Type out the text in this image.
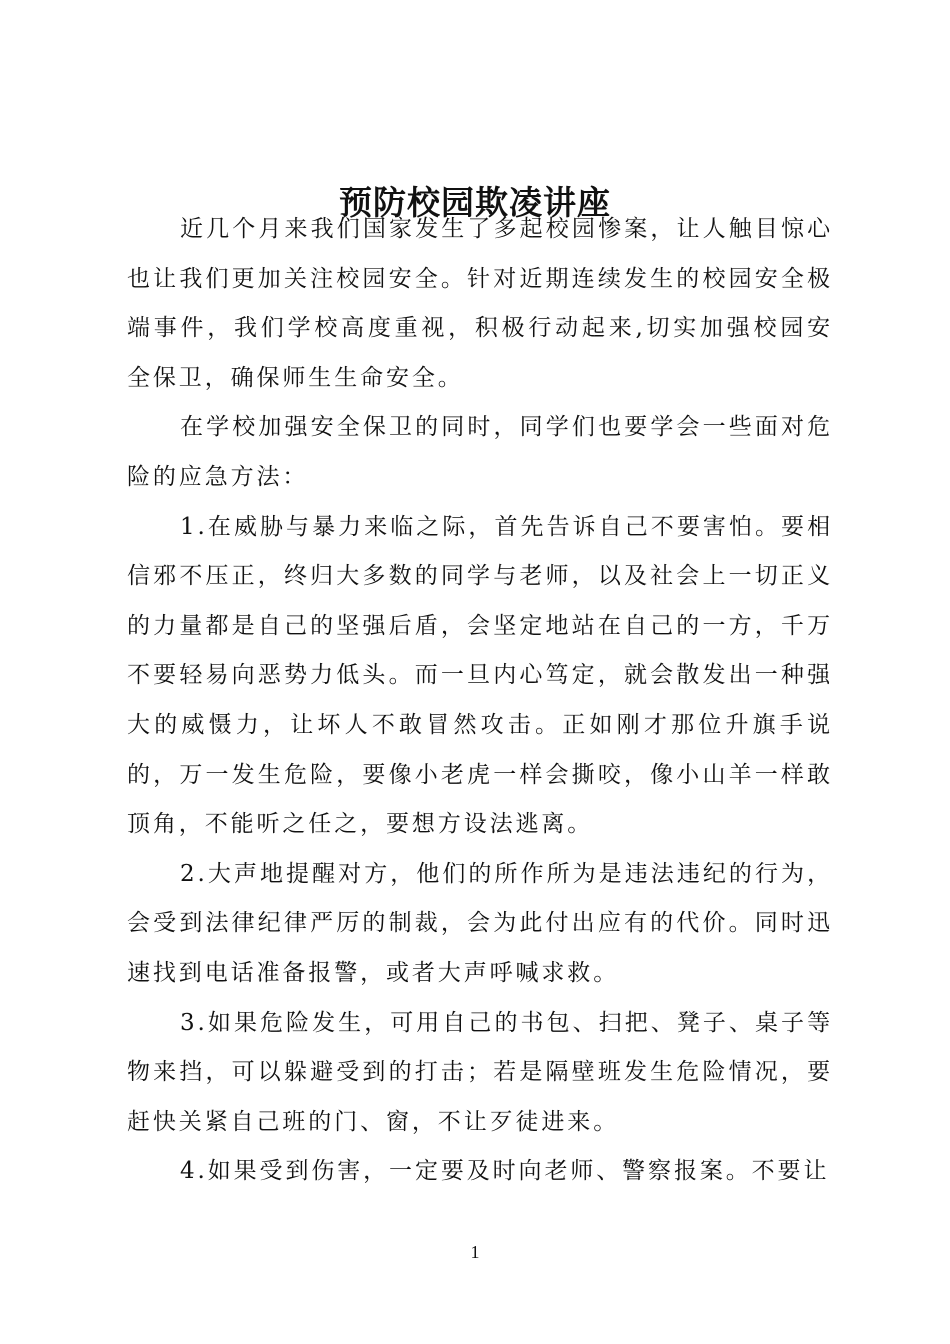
预防校园欺凌讲座

近几个月来我们国家发生了多起校园惨案，让人触目惊心也让我们更加关注校园安全。针对近期连续发生的校园安全极端事件，我们学校高度重视，积极行动起来,切实加强校园安全保卫，确保师生生命安全。

在学校加强安全保卫的同时，同学们也要学会一些面对危险的应急方法：

1.在威胁与暴力来临之际，首先告诉自己不要害怕。要相信邪不压正，终归大多数的同学与老师，以及社会上一切正义的力量都是自己的坚强后盾，会坚定地站在自己的一方，千万不要轻易向恶势力低头。而一旦内心笃定，就会散发出一种强大的威慑力，让坏人不敢冒然攻击。正如刚才那位升旗手说的，万一发生危险，要像小老虎一样会撕咬，像小山羊一样敢顶角，不能听之任之，要想方设法逃离。

2.大声地提醒对方，他们的所作所为是违法违纪的行为，会受到法律纪律严厉的制裁，会为此付出应有的代价。同时迅速找到电话准备报警，或者大声呼喊求救。

3.如果危险发生，可用自己的书包、扫把、凳子、桌子等物来挡，可以躲避受到的打击；若是隔壁班发生危险情况，要赶快关紧自己班的门、窗，不让歹徒进来。

4.如果受到伤害，一定要及时向老师、警察报案。不要让

1
